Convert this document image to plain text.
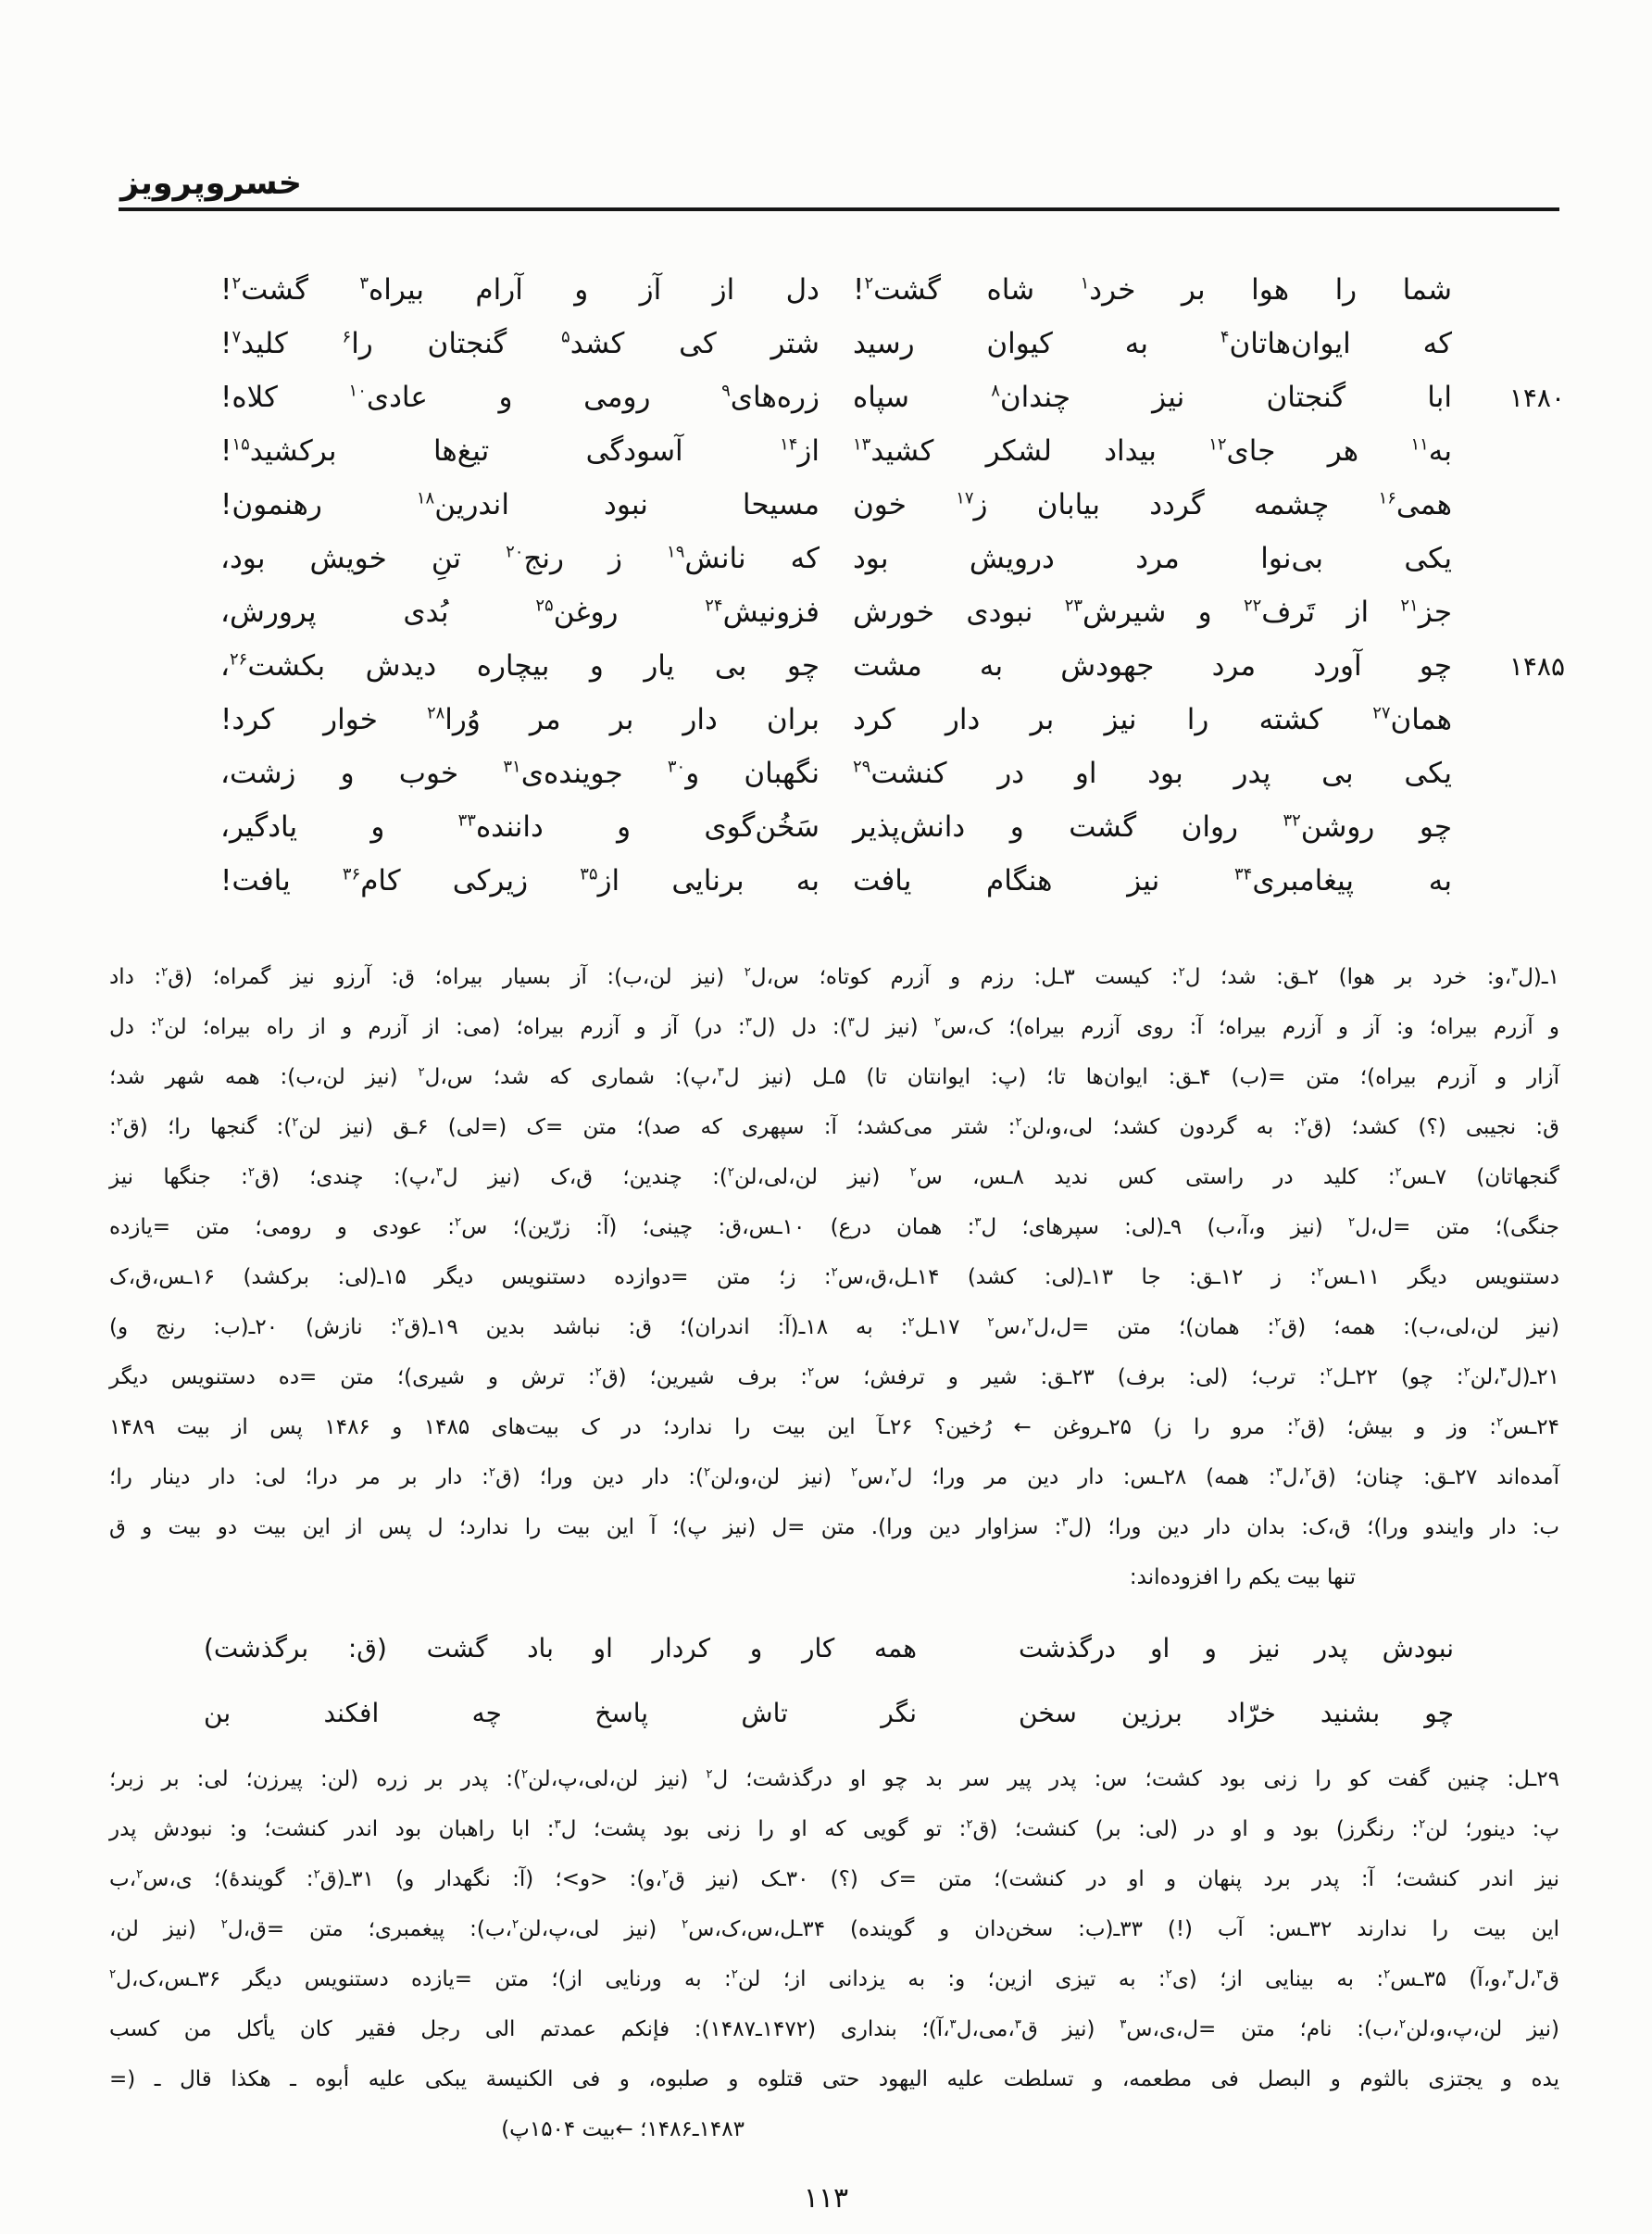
خسروپرویز
شما را هوا بر خرد$^۱$ شاه گشت$^۲$!
دل از آز و آرام بیراه$^۳$ گشت$^۲$!
که ایوان‌هاتان$^۴$ به کیوان رسید
شتر کی کشد$^۵$ گنجتان را$^۶$ کلید$^۷$!
۱۴۸۰
ابا گنجتان نیز چندان$^۸$ سپاه
زره‌های$^۹$ رومی و عادی$^{۱۰}$ کلاه!
به$^{۱۱}$ هر جای$^{۱۲}$ بیداد لشکر کشید$^{۱۳}$
از$^{۱۴}$ آسودگی تیغ‌ها برکشید$^{۱۵}$!
همی$^{۱۶}$ چشمه گردد بیابان ز$^{۱۷}$ خون
مسیحا نبود اندرین$^{۱۸}$ رهنمون!
یکی بی‌نوا مرد درویش بود
که نانش$^{۱۹}$ ز رنج$^{۲۰}$ تنِ خویش بود،
جز$^{۲۱}$ از تَرف$^{۲۲}$ و شیرش$^{۲۳}$ نبودی خورش
فزونیش$^{۲۴}$ روغن$^{۲۵}$ بُدی پرورش،
۱۴۸۵
چو آورد مرد جهودش به مشت
چو بی یار و بیچاره دیدش بکشت$^{۲۶}$،
همان$^{۲۷}$ کشته را نیز بر دار کرد
بران دار بر مر وُرا$^{۲۸}$ خوار کرد!
یکی بی پدر بود او در کنشت$^{۲۹}$
نگهبان و$^{۳۰}$ جوینده‌ی$^{۳۱}$ خوب و زشت،
چو روشن$^{۳۲}$ روان گشت و دانش‌پذیر
سَخُن‌گوی و داننده$^{۳۳}$ و یادگیر،
به پیغامبری$^{۳۴}$ نیز هنگام یافت
به برنایی از$^{۳۵}$ زیرکی کام$^{۳۶}$ یافت!
۱ـ(ل$^۳$،و: خرد بر هوا) ۲ـق: شد؛ ل$^۲$: کیست ۳ـل: رزم و آزرم کوتاه؛ س،ل$^۲$ (نیز لن،ب): آز بسیار بیراه؛ ق: آرزو نیز گمراه؛ (ق$^۲$: داد
و آزرم بیراه؛ و: آز و آزرم بیراه؛ آ: روی آزرم بیراه)؛ ک،س$^۲$ (نیز ل$^۳$): دل (ل$^۳$: در) آز و آزرم بیراه؛ (می: از آزرم و از راه بیراه؛ لن$^۲$: دل
آزار و آزرم بیراه)؛ متن =(ب) ۴ـق: ایوان‌ها تا؛ (پ: ایوانتان تا) ۵ـل (نیز ل$^۳$،پ): شماری که شد؛ س،ل$^۲$ (نیز لن،ب): همه شهر شد؛
ق: نجیبی (؟) کشد؛ (ق$^۲$: به گردون کشد؛ لی،و،لن$^۲$: شتر می‌کشد؛ آ: سپهری که صد)؛ متن =ک (=لی) ۶ـق (نیز لن$^۲$): گنجها را؛ (ق$^۲$:
گنجهاتان) ۷ـس$^۲$: کلید در راستی کس ندید ۸ـس، س$^۲$ (نیز لن،لی،لن$^۲$): چندین؛ ق،ک (نیز ل$^۳$،پ): چندی؛ (ق$^۲$: جنگها نیز
جنگی)؛ متن =ل،ل$^۲$ (نیز و،آ،ب) ۹ـ(لی: سپرهای؛ ل$^۳$: همان درع) ۱۰ـس،ق: چینی؛ (آ: زرّین)؛ س$^۲$: عودی و رومی؛ متن =یازده
دستنویس دیگر ۱۱ـس$^۲$: ز ۱۲ـق: جا ۱۳ـ(لی: کشد) ۱۴ـل،ق،س$^۲$: ز؛ متن =دوازده دستنویس دیگر ۱۵ـ(لی: برکشد) ۱۶ـس،ق،ک
(نیز لن،لی،ب): همه؛ (ق$^۲$: همان)؛ متن =ل،ل$^۲$،س$^۲$ ۱۷ـل$^۲$: به ۱۸ـ(آ: اندران)؛ ق: نباشد بدین ۱۹ـ(ق$^۲$: نازش) ۲۰ـ(ب: رنج و)
۲۱ـ(ل$^۳$،لن$^۲$: چو) ۲۲ـل$^۲$: ترب؛ (لی: برف) ۲۳ـق: شیر و ترفش؛ س$^۲$: برف شیرین؛ (ق$^۲$: ترش و شیری)؛ متن =ده دستنویس دیگر
۲۴ـس$^۲$: وز و بیش؛ (ق$^۲$: مرو را ز) ۲۵ـروغن ← رُخین؟ ۲۶ـآ این بیت را ندارد؛ در ک بیت‌های ۱۴۸۵ و ۱۴۸۶ پس از بیت ۱۴۸۹
آمده‌اند ۲۷ـق: چنان؛ (ق$^۲$،ل$^۳$: همه) ۲۸ـس: دار دین مر ورا؛ ل$^۲$،س$^۲$ (نیز لن،و،لن$^۲$): دار دین ورا؛ (ق$^۲$: دار بر مر درا؛ لی: دار دینار را؛
ب: دار وایندو ورا)؛ ق،ک: بدان دار دین ورا؛ (ل$^۳$: سزاوار دین ورا). متن =ل (نیز پ)؛ آ این بیت را ندارد؛ ل پس از این بیت دو بیت و ق
تنها بیت یکم را افزوده‌اند:
نبودش پدر نیز و او درگذشت
همه کار و کردار او باد گشت (ق: برگذشت)
چو بشنید خرّاد برزین سخن
نگر تاش پاسخ چه افکند بن
۲۹ـل: چنین گفت کو را زنی بود کشت؛ س: پدر پیر سر بد چو او درگذشت؛ ل$^۲$ (نیز لن،لی،پ،لن$^۲$): پدر بر زره (لن: پیرزن؛ لی: بر زبر؛
پ: دینور؛ لن$^۲$: رنگرز) بود و او در (لی: بر) کنشت؛ (ق$^۲$: تو گویی که او را زنی بود پشت؛ ل$^۳$: ابا راهبان بود اندر کنشت؛ و: نبودش پدر
نیز اندر کنشت؛ آ: پدر برد پنهان و او در کنشت)؛ متن =ک (؟) ۳۰ـک (نیز ق$^۲$،و): <و>؛ (آ: نگهدار و) ۳۱ـ(ق$^۲$: گویندهٔ)؛ ی،س$^۲$،ب
این بیت را ندارند ۳۲ـس: آب (!) ۳۳ـ(ب: سخن‌دان و گوینده) ۳۴ـل،س،ک،س$^۲$ (نیز لی،پ،لن$^۲$،ب): پیغمبری؛ متن =ق،ل$^۲$ (نیز لن،
ق$^۳$،ل$^۳$،و،آ) ۳۵ـس$^۲$: به بینایی از؛ (ی$^۲$: به تیزی ازین؛ و: به یزدانی از؛ لن$^۲$: به ورنایی از)؛ متن =یازده دستنویس دیگر ۳۶ـس،ک،ل$^۲$
(نیز لن،پ،و،لن$^۲$،ب): نام؛ متن =ل،ی،س$^۳$ (نیز ق$^۳$،می،ل$^۳$،آ)؛ بنداری (۱۴۷۲ـ۱۴۸۷): فإنکم عمدتم الی رجل فقیر کان یأکل من کسب
یده و یجتزی بالثوم و البصل فی مطعمه، و تسلطت علیه الیهود حتی قتلوه و صلبوه، و فی الکنیسة یبکی علیه أبوه ـ هکذا قال ـ (=
۱۴۸۳ـ۱۴۸۶؛ ←بیت ۱۵۰۴پ)
۱۱۳
